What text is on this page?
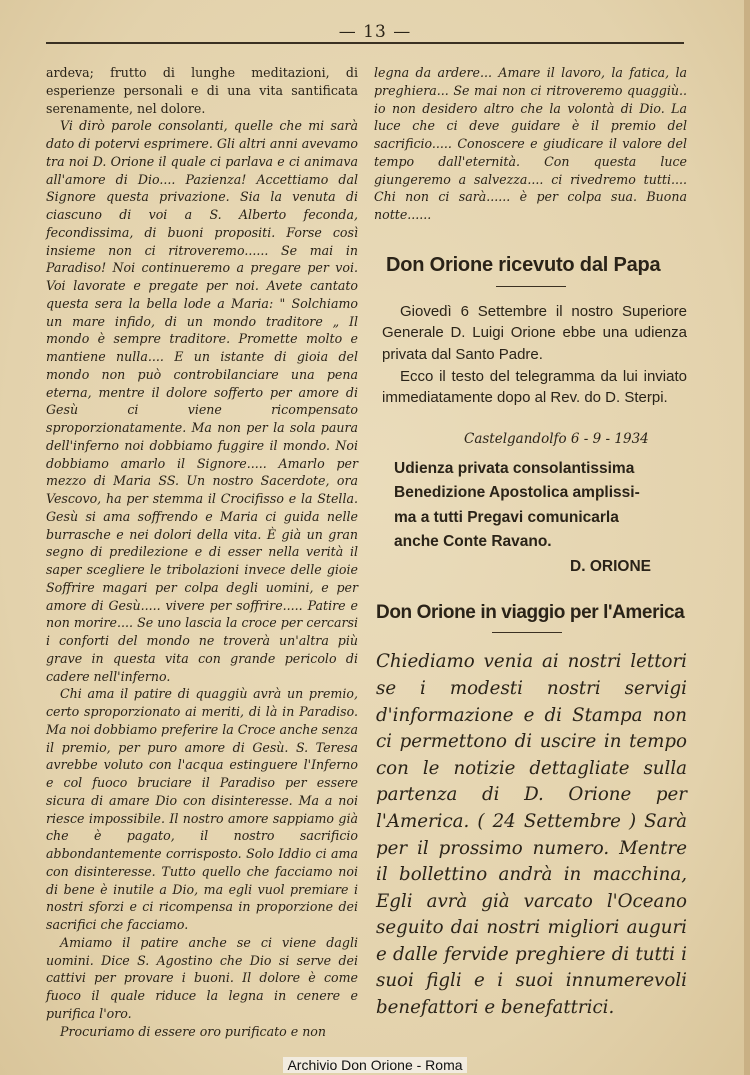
— 13 —

ardeva; frutto di lunghe meditazioni, di esperienze personali e di una vita santificata serenamente, nel dolore.

Vi dirò parole consolanti, quelle che mi sarà dato di potervi esprimere. Gli altri anni avevamo tra noi D. Orione il quale ci parlava e ci animava all'amore di Dio.... Pazienza! Accettiamo dal Signore questa privazione. Sia la venuta di ciascuno di voi a S. Alberto feconda, fecondissima, di buoni propositi. Forse così insieme non ci ritroveremo...... Se mai in Paradiso! Noi continueremo a pregare per voi. Voi lavorate e pregate per noi. Avete cantato questa sera la bella lode a Maria: " Solchiamo un mare infido, di un mondo traditore „ Il mondo è sempre traditore. Promette molto e mantiene nulla.... E un istante di gioia del mondo non può controbilanciare una pena eterna, mentre il dolore sofferto per amore di Gesù ci viene ricompensato sproporzionatamente. Ma non per la sola paura dell'inferno noi dobbiamo fuggire il mondo. Noi dobbiamo amarlo il Signore..... Amarlo per mezzo di Maria SS. Un nostro Sacerdote, ora Vescovo, ha per stemma il Crocifisso e la Stella. Gesù si ama soffrendo e Maria ci guida nelle burrasche e nei dolori della vita. È già un gran segno di predilezione e di esser nella verità il saper scegliere le tribolazioni invece delle gioie Soffrire magari per colpa degli uomini, e per amore di Gesù..... vivere per soffrire..... Patire e non morire.... Se uno lascia la croce per cercarsi i conforti del mondo ne troverà un'altra più grave in questa vita con grande pericolo di cadere nell'inferno.

Chi ama il patire di quaggiù avrà un premio, certo sproporzionato ai meriti, di là in Paradiso. Ma noi dobbiamo preferire la Croce anche senza il premio, per puro amore di Gesù. S. Teresa avrebbe voluto con l'acqua estinguere l'Inferno e col fuoco bruciare il Paradiso per essere sicura di amare Dio con disinteresse. Ma a noi riesce impossibile. Il nostro amore sappiamo già che è pagato, il nostro sacrificio abbondantemente corrisposto. Solo Iddio ci ama con disinteresse. Tutto quello che facciamo noi di bene è inutile a Dio, ma egli vuol premiare i nostri sforzi e ci ricompensa in proporzione dei sacrifici che facciamo.

Amiamo il patire anche se ci viene dagli uomini. Dice S. Agostino che Dio si serve dei cattivi per provare i buoni. Il dolore è come fuoco il quale riduce la legna in cenere e purifica l'oro.

Procuriamo di essere oro purificato e non

legna da ardere... Amare il lavoro, la fatica, la preghiera... Se mai non ci ritroveremo quaggiù.. io non desidero altro che la volontà di Dio. La luce che ci deve guidare è il premio del sacrificio..... Conoscere e giudicare il valore del tempo dall'eternità. Con questa luce giungeremo a salvezza.... ci rivedremo tutti.... Chi non ci sarà...... è per colpa sua. Buona notte......

Don Orione ricevuto dal Papa

Giovedì 6 Settembre il nostro Superiore Generale D. Luigi Orione ebbe una udienza privata dal Santo Padre.

Ecco il testo del telegramma da lui inviato immediatamente dopo al Rev. do D. Sterpi.

Castelgandolfo 6 - 9 - 1934
Udienza privata consolantissima
Benedizione Apostolica amplissi-
ma a tutti Pregavi comunicarla
anche Conte Ravano.
D. ORIONE
Don Orione in viaggio per l'America

Chiediamo venia ai nostri lettori se i modesti nostri servigi d'informazione e di Stampa non ci permettono di uscire in tempo con le notizie dettagliate sulla partenza di D. Orione per l'America. ( 24 Settembre ) Sarà per il prossimo numero. Mentre il bollettino andrà in macchina, Egli avrà già varcato l'Oceano seguito dai nostri migliori auguri e dalle fervide preghiere di tutti i suoi figli e i suoi innumerevoli benefattori e benefattrici.

Archivio Don Orione - Roma
